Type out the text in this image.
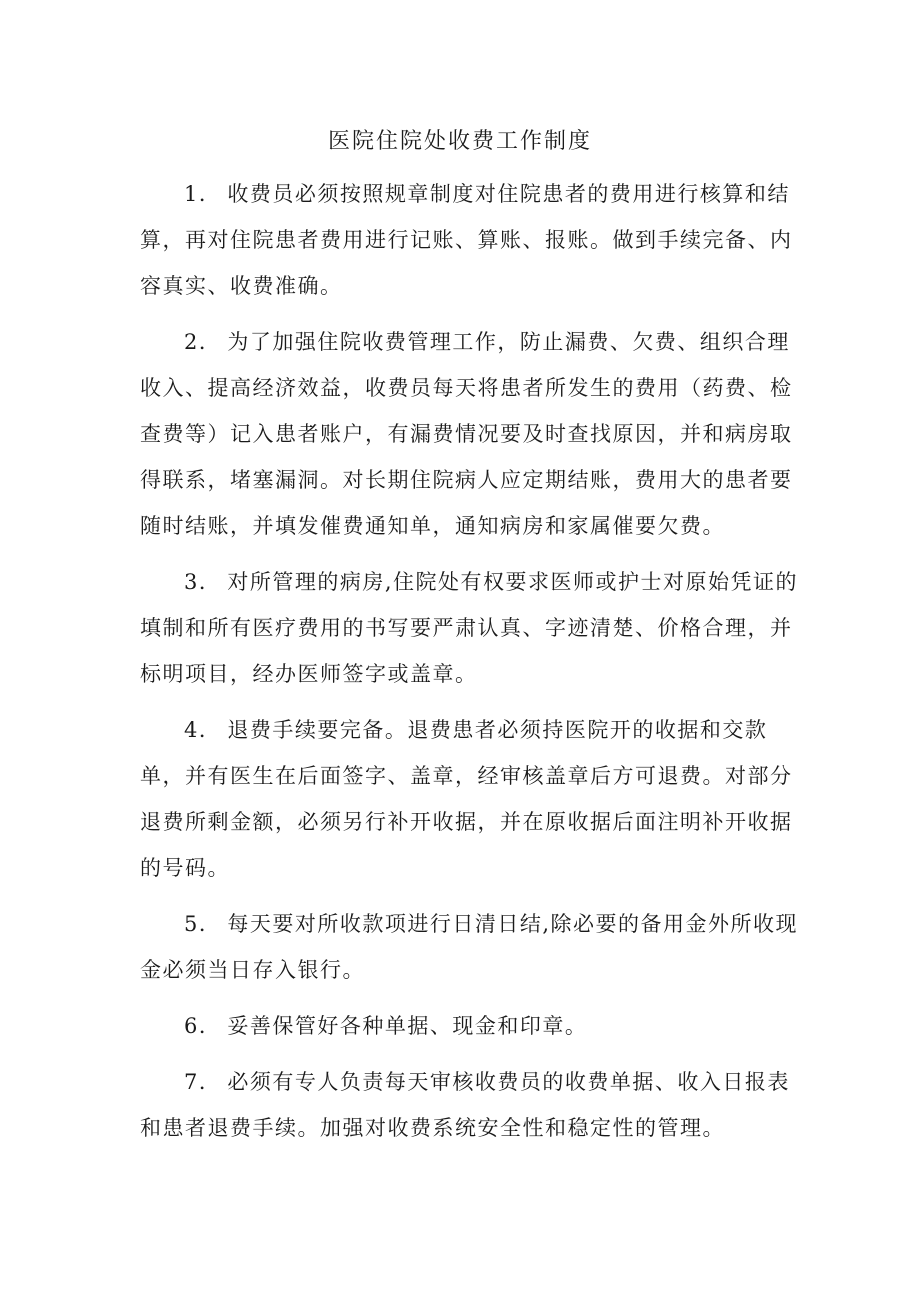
医院住院处收费工作制度

1． 收费员必须按照规章制度对住院患者的费用进行核算和结算，再对住院患者费用进行记账、算账、报账。做到手续完备、内容真实、收费准确。

2． 为了加强住院收费管理工作，防止漏费、欠费、组织合理收入、提高经济效益，收费员每天将患者所发生的费用（药费、检查费等）记入患者账户，有漏费情况要及时查找原因，并和病房取得联系，堵塞漏洞。对长期住院病人应定期结账，费用大的患者要随时结账，并填发催费通知单，通知病房和家属催要欠费。

3． 对所管理的病房,住院处有权要求医师或护士对原始凭证的填制和所有医疗费用的书写要严肃认真、字迹清楚、价格合理，并标明项目，经办医师签字或盖章。

4． 退费手续要完备。退费患者必须持医院开的收据和交款单，并有医生在后面签字、盖章，经审核盖章后方可退费。对部分退费所剩金额，必须另行补开收据，并在原收据后面注明补开收据的号码。

5． 每天要对所收款项进行日清日结,除必要的备用金外所收现金必须当日存入银行。

6． 妥善保管好各种单据、现金和印章。

7． 必须有专人负责每天审核收费员的收费单据、收入日报表和患者退费手续。加强对收费系统安全性和稳定性的管理。
